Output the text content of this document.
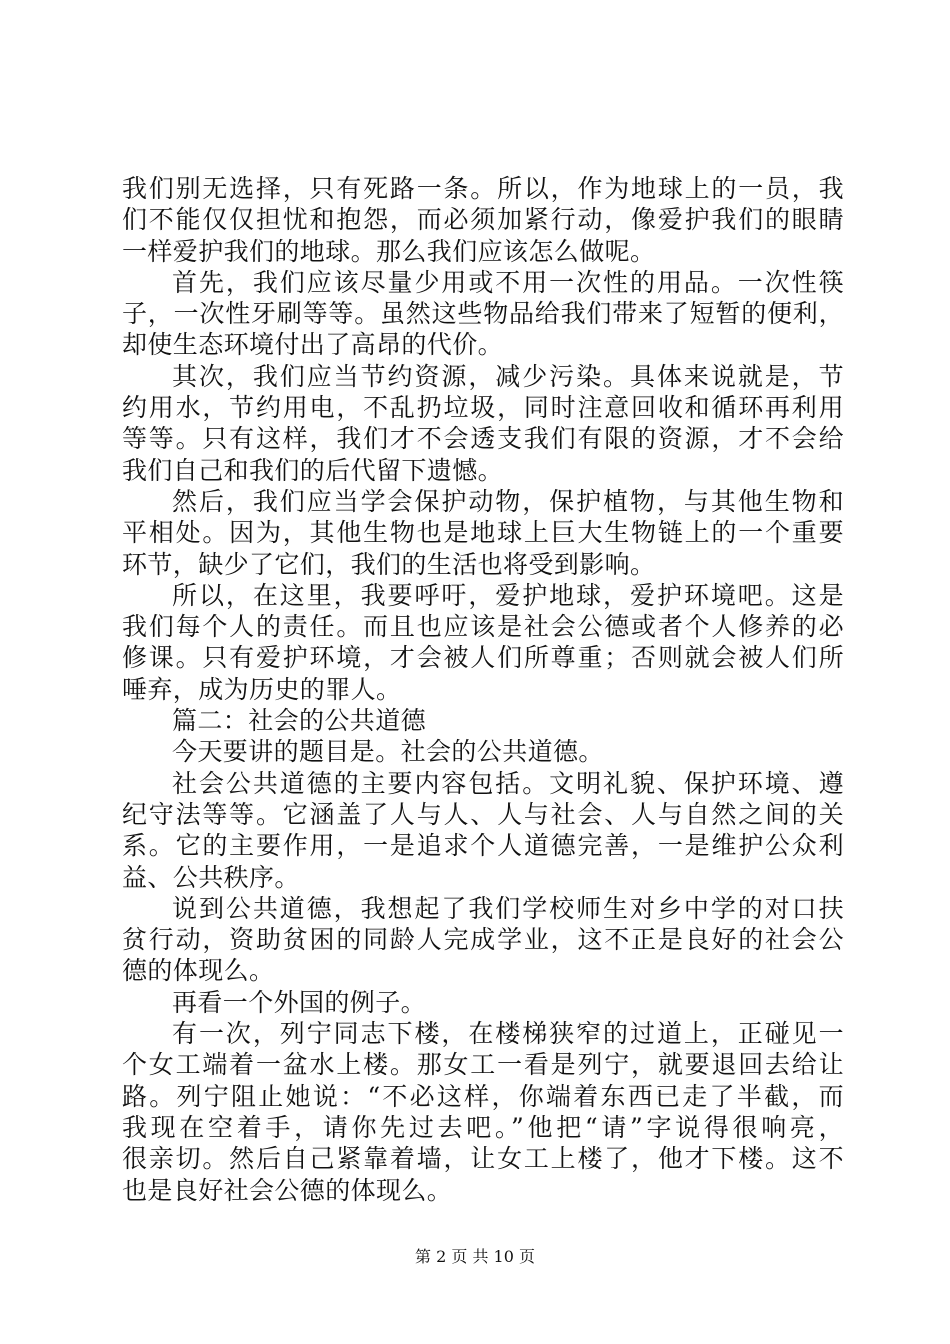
我们别无选择，只有死路一条。所以，作为地球上的一员，我
们不能仅仅担忧和抱怨，而必须加紧行动，像爱护我们的眼睛
一样爱护我们的地球。那么我们应该怎么做呢。
首先，我们应该尽量少用或不用一次性的用品。一次性筷
子，一次性牙刷等等。虽然这些物品给我们带来了短暂的便利，
却使生态环境付出了高昂的代价。
其次，我们应当节约资源，减少污染。具体来说就是，节
约用水，节约用电，不乱扔垃圾，同时注意回收和循环再利用
等等。只有这样，我们才不会透支我们有限的资源，才不会给
我们自己和我们的后代留下遗憾。
然后，我们应当学会保护动物，保护植物，与其他生物和
平相处。因为，其他生物也是地球上巨大生物链上的一个重要
环节，缺少了它们，我们的生活也将受到影响。
所以，在这里，我要呼吁，爱护地球，爱护环境吧。这是
我们每个人的责任。而且也应该是社会公德或者个人修养的必
修课。只有爱护环境，才会被人们所尊重；否则就会被人们所
唾弃，成为历史的罪人。
篇二：社会的公共道德
今天要讲的题目是。社会的公共道德。
社会公共道德的主要内容包括。文明礼貌、保护环境、遵
纪守法等等。它涵盖了人与人、人与社会、人与自然之间的关
系。它的主要作用，一是追求个人道德完善，一是维护公众利
益、公共秩序。
说到公共道德，我想起了我们学校师生对乡中学的对口扶
贫行动，资助贫困的同龄人完成学业，这不正是良好的社会公
德的体现么。
再看一个外国的例子。
有一次，列宁同志下楼，在楼梯狭窄的过道上，正碰见一
个女工端着一盆水上楼。那女工一看是列宁，就要退回去给让
路。列宁阻止她说：“不必这样，你端着东西已走了半截，而
我现在空着手，请你先过去吧。”他把“请”字说得很响亮，
很亲切。然后自己紧靠着墙，让女工上楼了，他才下楼。这不
也是良好社会公德的体现么。
第 2 页 共 10 页
